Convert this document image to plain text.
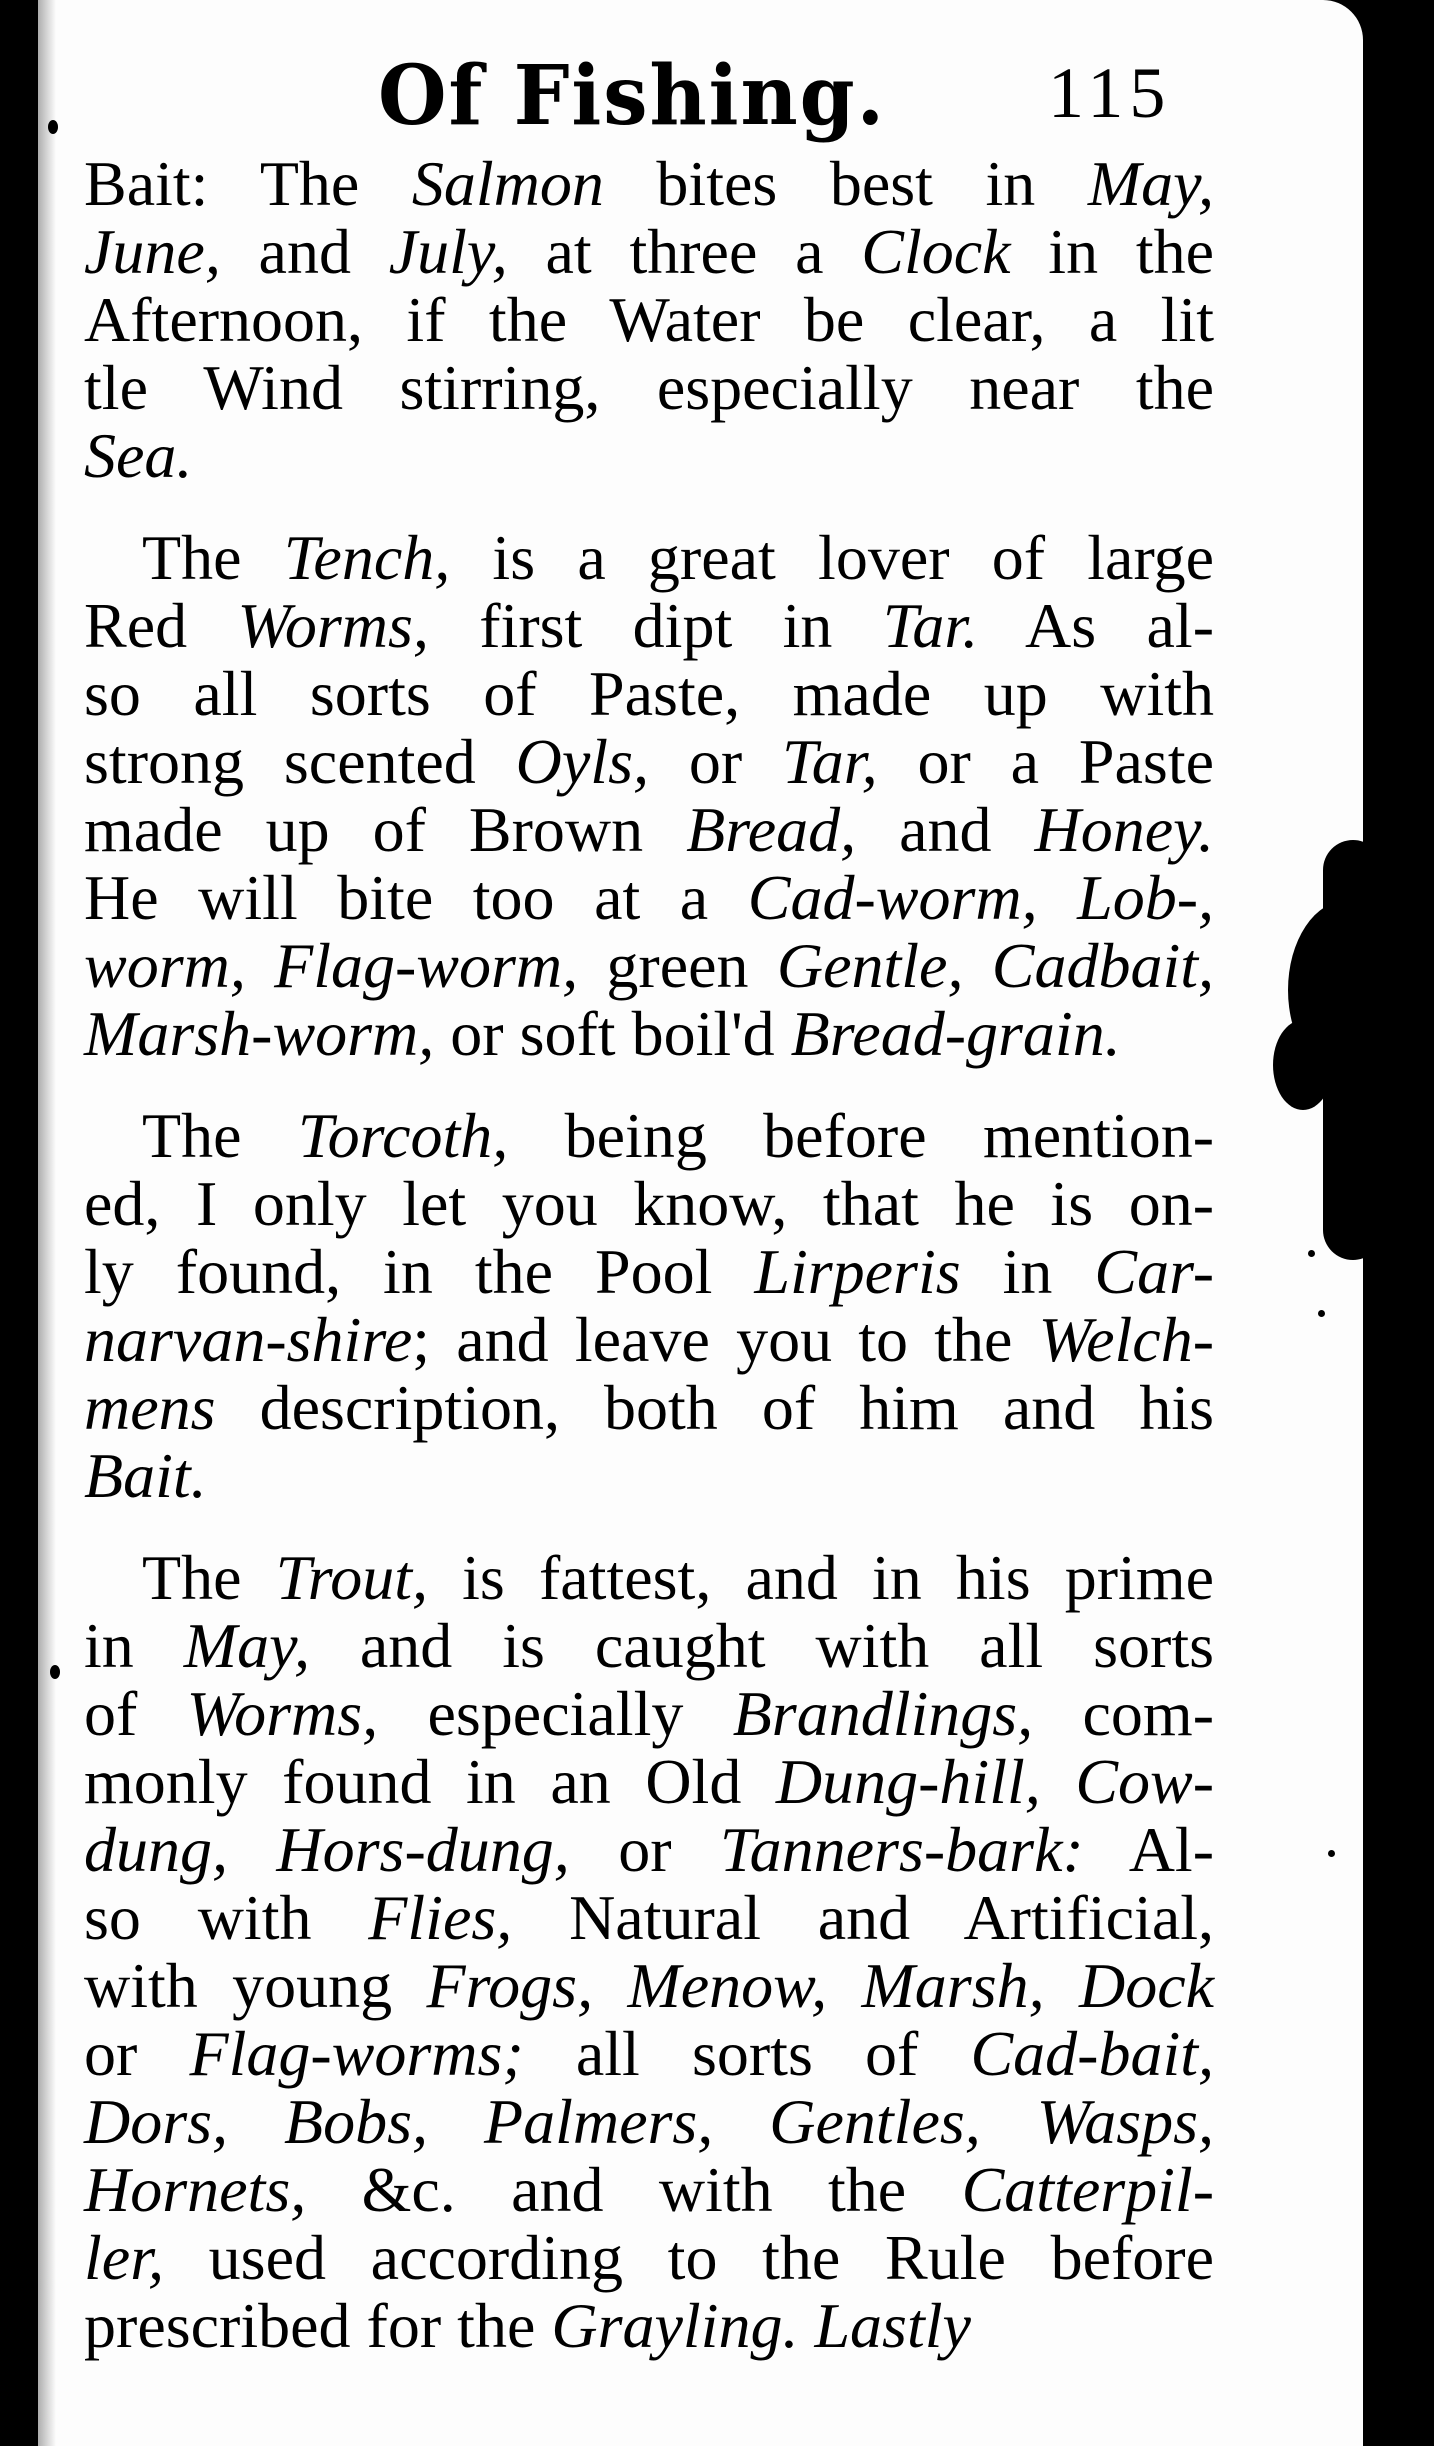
Of Fishing. 115
Bait: The Salmon bites best in May,
June, and July, at three a Clock in the
Afternoon, if the Water be clear, a lit
tle Wind stirring, especially near the
Sea.
The Tench, is a great lover of large
Red Worms, first dipt in Tar. As al-
so all sorts of Paste, made up with
strong scented Oyls, or Tar, or a Paste
made up of Brown Bread, and Honey.
He will bite too at a Cad-worm, Lob-,
worm, Flag-worm, green Gentle, Cadbait,
Marsh-worm, or soft boil'd Bread-grain.
The Torcoth, being before mention-
ed, I only let you know, that he is on-
ly found, in the Pool Lirperis in Car-
narvan-shire; and leave you to the Welch-
mens description, both of him and his
Bait.
The Trout, is fattest, and in his prime
in May, and is caught with all sorts
of Worms, especially Brandlings, com-
monly found in an Old Dung-hill, Cow-
dung, Hors-dung, or Tanners-bark: Al-
so with Flies, Natural and Artificial,
with young Frogs, Menow, Marsh, Dock
or Flag-worms; all sorts of Cad-bait,
Dors, Bobs, Palmers, Gentles, Wasps,
Hornets, &c. and with the Catterpil-
ler, used according to the Rule before
prescribed for the Grayling. Lastly
